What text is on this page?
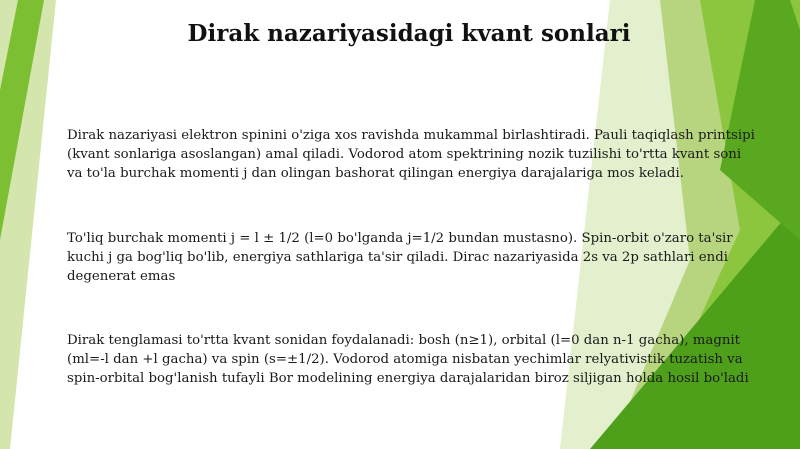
Dirak nazariyasidagi kvant sonlari

Dirak nazariyasi elektron spinini o'ziga xos ravishda mukammal birlashtiradi. Pauli taqiqlash printsipi (kvant sonlariga asoslangan) amal qiladi. Vodorod atom spektrining nozik tuzilishi to'rtta kvant soni va to'la burchak momenti j dan olingan bashorat qilingan energiya darajalariga mos keladi.

To'liq burchak momenti j = l ± 1/2 (l=0 bo'lganda j=1/2 bundan mustasno). Spin-orbit o'zaro ta'sir kuchi j ga bog'liq bo'lib, energiya sathlariga ta'sir qiladi. Dirac nazariyasida 2s va 2p sathlari endi degenerat emas

Dirak tenglamasi to'rtta kvant sonidan foydalanadi: bosh (n≥1), orbital (l=0 dan n-1 gacha), magnit (ml=-l dan +l gacha) va spin (s=±1/2). Vodorod atomiga nisbatan yechimlar relyativistik tuzatish va spin-orbital bog'lanish tufayli Bor modelining energiya darajalaridan biroz siljigan holda hosil bo'ladi
